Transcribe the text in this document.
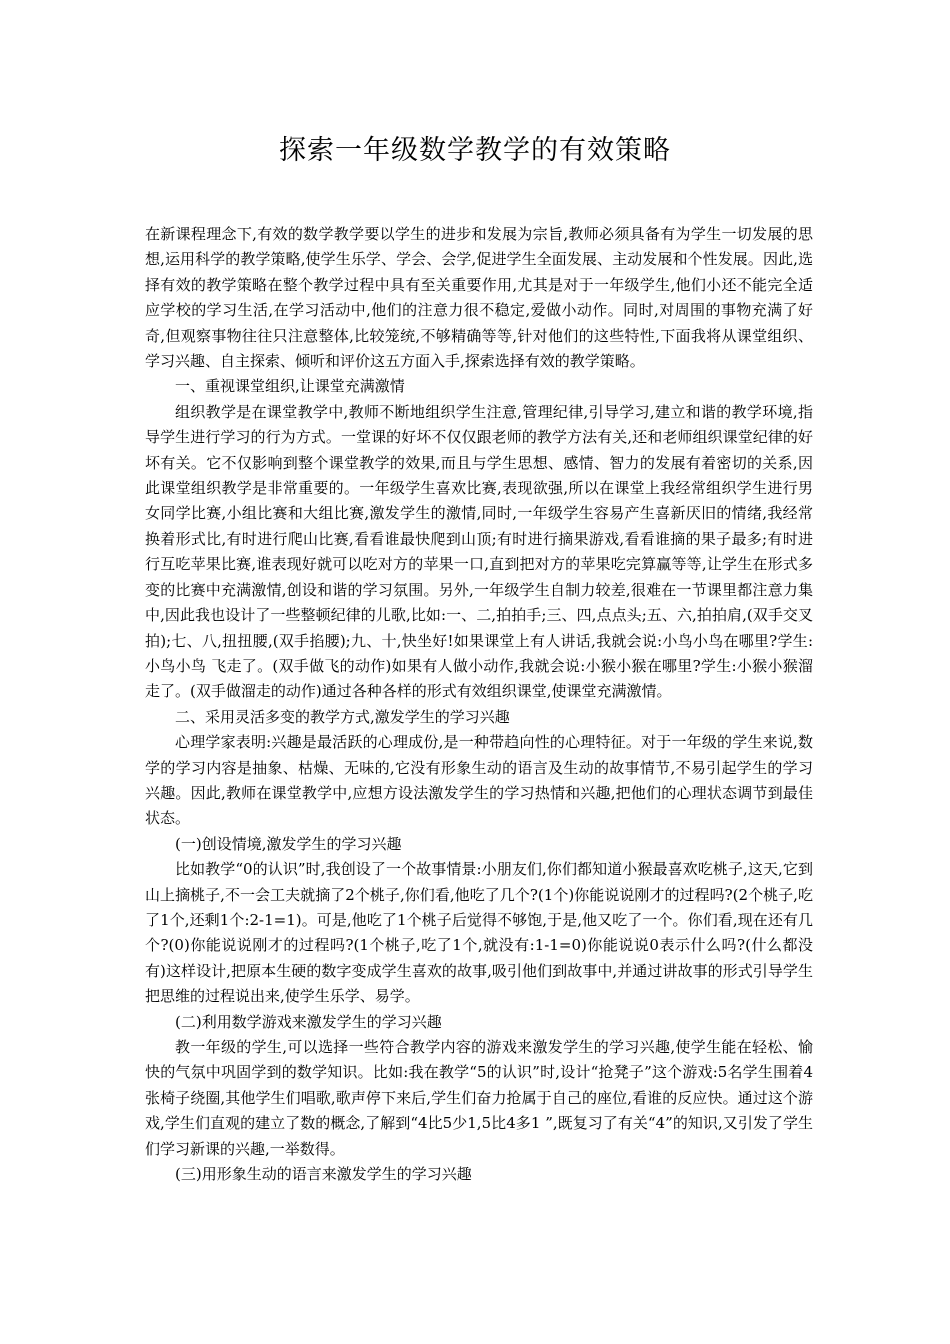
探索一年级数学教学的有效策略

在新课程理念下,有效的数学教学要以学生的进步和发展为宗旨,教师必须具备有为学生一切发展的思想,运用科学的教学策略,使学生乐学、学会、会学,促进学生全面发展、主动发展和个性发展。因此,选择有效的教学策略在整个教学过程中具有至关重要作用,尤其是对于一年级学生,他们小还不能完全适应学校的学习生活,在学习活动中,他们的注意力很不稳定,爱做小动作。同时,对周围的事物充满了好奇,但观察事物往往只注意整体,比较笼统,不够精确等等,针对他们的这些特性,下面我将从课堂组织、学习兴趣、自主探索、倾听和评价这五方面入手,探索选择有效的教学策略。

一、重视课堂组织,让课堂充满激情

组织教学是在课堂教学中,教师不断地组织学生注意,管理纪律,引导学习,建立和谐的教学环境,指导学生进行学习的行为方式。一堂课的好坏不仅仅跟老师的教学方法有关,还和老师组织课堂纪律的好坏有关。它不仅影响到整个课堂教学的效果,而且与学生思想、感情、智力的发展有着密切的关系,因此课堂组织教学是非常重要的。一年级学生喜欢比赛,表现欲强,所以在课堂上我经常组织学生进行男女同学比赛,小组比赛和大组比赛,激发学生的激情,同时,一年级学生容易产生喜新厌旧的情绪,我经常换着形式比,有时进行爬山比赛,看看谁最快爬到山顶;有时进行摘果游戏,看看谁摘的果子最多;有时进行互吃苹果比赛,谁表现好就可以吃对方的苹果一口,直到把对方的苹果吃完算赢等等,让学生在形式多变的比赛中充满激情,创设和谐的学习氛围。另外,一年级学生自制力较差,很难在一节课里都注意力集中,因此我也设计了一些整顿纪律的儿歌,比如:一、二,拍拍手;三、四,点点头;五、六,拍拍肩,(双手交叉拍);七、八,扭扭腰,(双手掐腰);九、十,快坐好!如果课堂上有人讲话,我就会说:小鸟小鸟在哪里?学生:小鸟小鸟 飞走了。(双手做飞的动作)如果有人做小动作,我就会说:小猴小猴在哪里?学生:小猴小猴溜走了。(双手做溜走的动作)通过各种各样的形式有效组织课堂,使课堂充满激情。

二、采用灵活多变的教学方式,激发学生的学习兴趣

心理学家表明:兴趣是最活跃的心理成份,是一种带趋向性的心理特征。对于一年级的学生来说,数学的学习内容是抽象、枯燥、无味的,它没有形象生动的语言及生动的故事情节,不易引起学生的学习兴趣。因此,教师在课堂教学中,应想方设法激发学生的学习热情和兴趣,把他们的心理状态调节到最佳状态。

(一)创设情境,激发学生的学习兴趣

比如教学“0的认识”时,我创设了一个故事情景:小朋友们,你们都知道小猴最喜欢吃桃子,这天,它到山上摘桃子,不一会工夫就摘了2个桃子,你们看,他吃了几个?(1个)你能说说刚才的过程吗?(2个桃子,吃了1个,还剩1个:2-1=1)。可是,他吃了1个桃子后觉得不够饱,于是,他又吃了一个。你们看,现在还有几个?(0)你能说说刚才的过程吗?(1个桃子,吃了1个,就没有:1-1=0)你能说说0表示什么吗?(什么都没有)这样设计,把原本生硬的数字变成学生喜欢的故事,吸引他们到故事中,并通过讲故事的形式引导学生把思维的过程说出来,使学生乐学、易学。

(二)利用数学游戏来激发学生的学习兴趣

教一年级的学生,可以选择一些符合教学内容的游戏来激发学生的学习兴趣,使学生能在轻松、愉快的气氛中巩固学到的数学知识。比如:我在教学“5的认识”时,设计“抢凳子”这个游戏:5名学生围着4张椅子绕圈,其他学生们唱歌,歌声停下来后,学生们奋力抢属于自己的座位,看谁的反应快。通过这个游戏,学生们直观的建立了数的概念,了解到“4比5少1,5比4多1 ”,既复习了有关“4”的知识,又引发了学生们学习新课的兴趣,一举数得。

(三)用形象生动的语言来激发学生的学习兴趣
